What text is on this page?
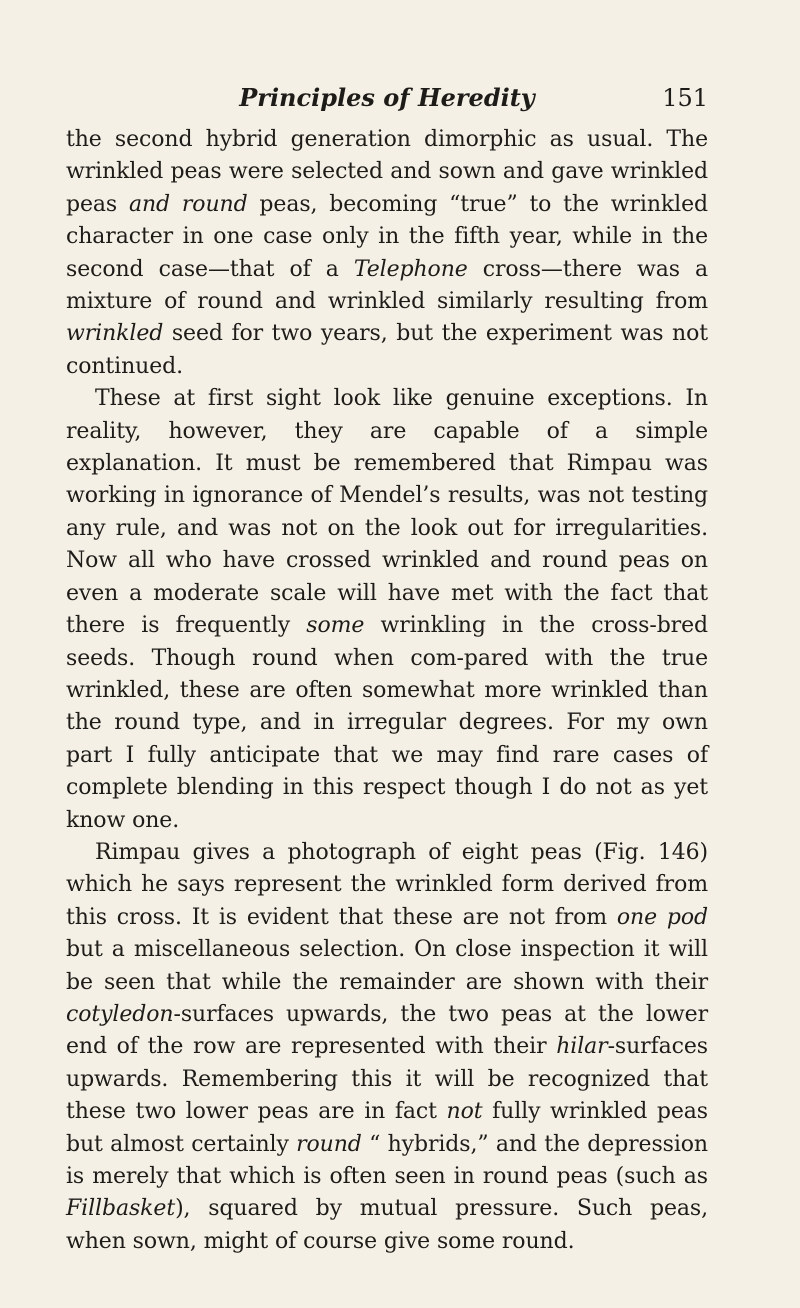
Principles of Heredity	151

the second hybrid generation dimorphic as usual. The wrinkled peas were selected and sown and gave wrinkled peas and round peas, becoming “true” to the wrinkled character in one case only in the fifth year, while in the second case—that of a Telephone cross—there was a mixture of round and wrinkled similarly resulting from wrinkled seed for two years, but the experiment was not continued.

These at first sight look like genuine exceptions. In reality, however, they are capable of a simple explanation. It must be remembered that Rimpau was working in ignorance of Mendel’s results, was not testing any rule, and was not on the look out for irregularities. Now all who have crossed wrinkled and round peas on even a moderate scale will have met with the fact that there is frequently some wrinkling in the cross-bred seeds. Though round when com-pared with the true wrinkled, these are often somewhat more wrinkled than the round type, and in irregular degrees. For my own part I fully anticipate that we may find rare cases of complete blending in this respect though I do not as yet know one.

Rimpau gives a photograph of eight peas (Fig. 146) which he says represent the wrinkled form derived from this cross. It is evident that these are not from one pod but a miscellaneous selection. On close inspection it will be seen that while the remainder are shown with their cotyledon-surfaces upwards, the two peas at the lower end of the row are represented with their hilar-surfaces upwards. Remembering this it will be recognized that these two lower peas are in fact not fully wrinkled peas but almost certainly round “ hybrids,” and the depression is merely that which is often seen in round peas (such as Fillbasket), squared by mutual pressure. Such peas, when sown, might of course give some round.
